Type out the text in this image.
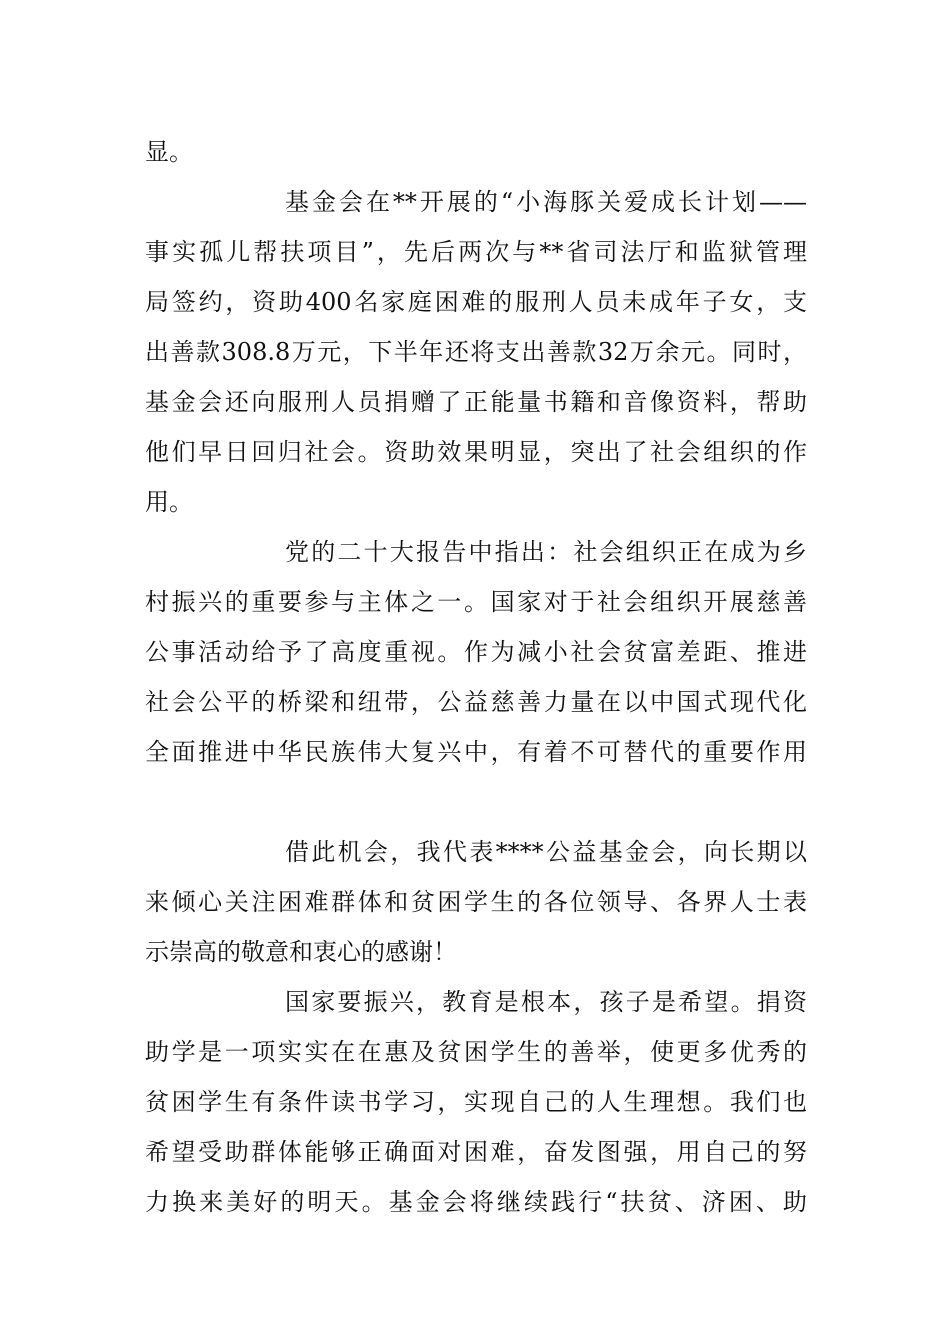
显。
基金会在**开展的“小海豚关爱成长计划——
事实孤儿帮扶项目”，先后两次与**省司法厅和监狱管理
局签约，资助400名家庭困难的服刑人员未成年子女，支
出善款308.8万元，下半年还将支出善款32万余元。同时，
基金会还向服刑人员捐赠了正能量书籍和音像资料，帮助
他们早日回归社会。资助效果明显，突出了社会组织的作
用。
党的二十大报告中指出：社会组织正在成为乡
村振兴的重要参与主体之一。国家对于社会组织开展慈善
公事活动给予了高度重视。作为减小社会贫富差距、推进
社会公平的桥梁和纽带，公益慈善力量在以中国式现代化
全面推进中华民族伟大复兴中，有着不可替代的重要作用
借此机会，我代表****公益基金会，向长期以
来倾心关注困难群体和贫困学生的各位领导、各界人士表
示崇高的敬意和衷心的感谢！
国家要振兴，教育是根本，孩子是希望。捐资
助学是一项实实在在惠及贫困学生的善举，使更多优秀的
贫困学生有条件读书学习，实现自己的人生理想。我们也
希望受助群体能够正确面对困难，奋发图强，用自己的努
力换来美好的明天。基金会将继续践行“扶贫、济困、助
